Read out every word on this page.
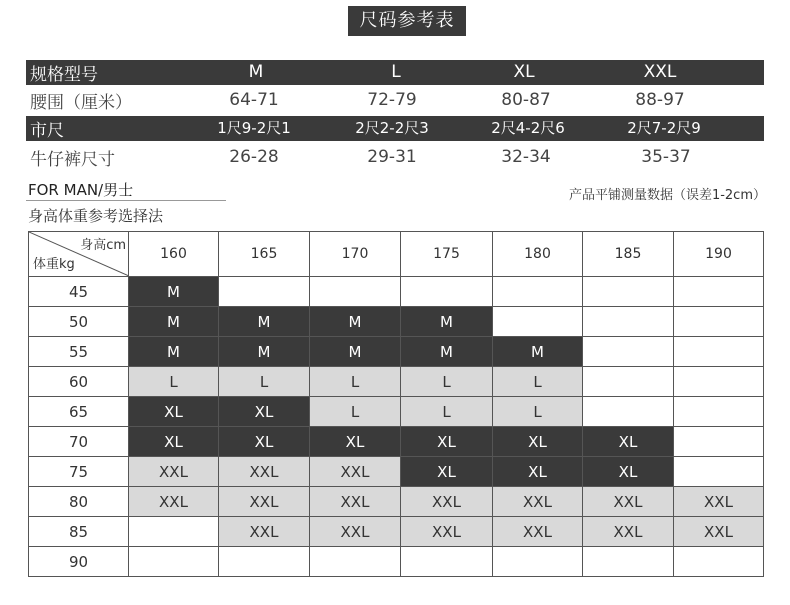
尺码参考表
规格型号	M	L	XL	XXL
腰围（厘米）	64-71	72-79	80-87	88-97
市尺	1尺9-2尺1	2尺2-2尺3	2尺4-2尺6	2尺7-2尺9
牛仔裤尺寸	26-28	29-31	32-34	35-37
FOR MAN/男士	产品平铺测量数据（误差1-2cm）
身高体重参考选择法
身高cm
体重kg	160	165	170	175	180	185	190
45	M						
50	M	M	M	M			
55	M	M	M	M	M		
60	L	L	L	L	L		
65	XL	XL	L	L	L		
70	XL	XL	XL	XL	XL	XL	
75	XXL	XXL	XXL	XL	XL	XL	
80	XXL	XXL	XXL	XXL	XXL	XXL	XXL
85		XXL	XXL	XXL	XXL	XXL	XXL
90							
